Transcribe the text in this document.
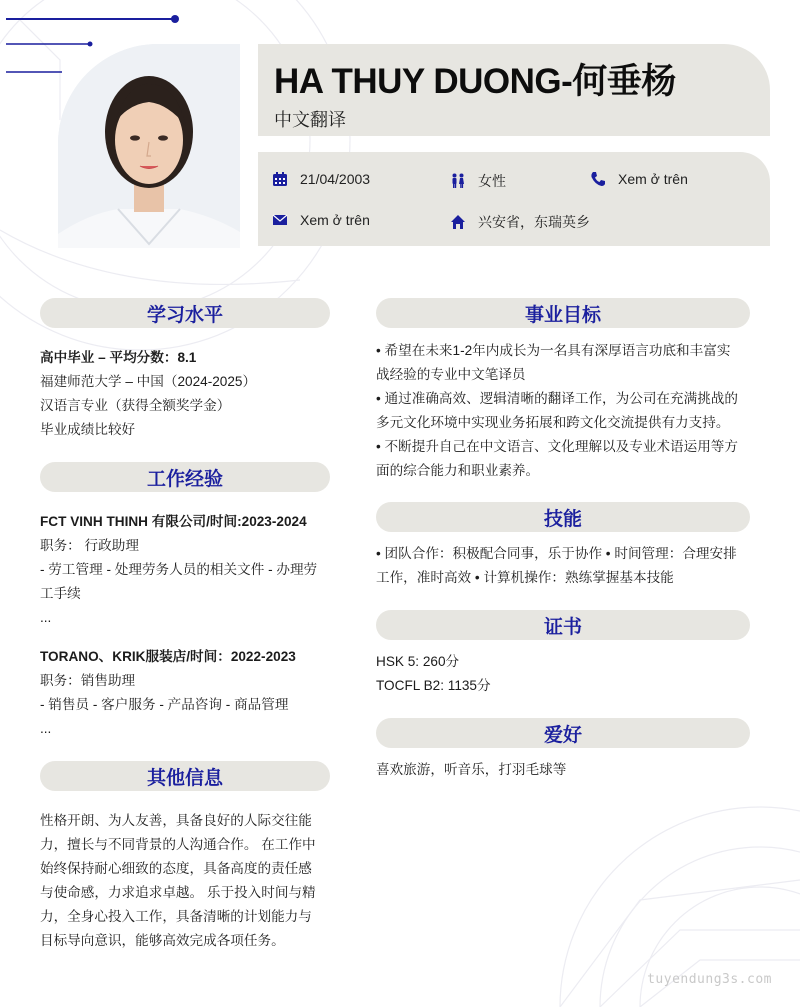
HA THUY DUONG-何垂杨
中文翻译
21/04/2003	女性	Xem ở trên
Xem ở trên	兴安省，东瑞英乡
学习水平
高中毕业 – 平均分数：8.1
福建师范大学 – 中国（2024-2025）
汉语言专业（获得全额奖学金）
毕业成绩比较好
工作经验
FCT VINH THINH 有限公司/时间:2023-2024
职务： 行政助理
- 劳工管理 - 处理劳务人员的相关文件 - 办理劳
工手续
...
TORANO、KRIK服装店/时间：2022-2023
职务：销售助理
- 销售员 - 客户服务 - 产品咨询 - 商品管理
...
其他信息
性格开朗、为人友善，具备良好的人际交往能
力，擅长与不同背景的人沟通合作。 在工作中
始终保持耐心细致的态度，具备高度的责任感
与使命感，力求追求卓越。 乐于投入时间与精
力，全身心投入工作，具备清晰的计划能力与
目标导向意识，能够高效完成各项任务。
事业目标
• 希望在未来1-2年内成长为一名具有深厚语言功底和丰富实
战经验的专业中文笔译员
• 通过准确高效、逻辑清晰的翻译工作，为公司在充满挑战的
多元文化环境中实现业务拓展和跨文化交流提供有力支持。
• 不断提升自己在中文语言、文化理解以及专业术语运用等方
面的综合能力和职业素养。
技能
• 团队合作：积极配合同事，乐于协作 • 时间管理：合理安排
工作，准时高效 • 计算机操作：熟练掌握基本技能
证书
HSK 5: 260分
TOCFL B2: 1135分
爱好
喜欢旅游，听音乐，打羽毛球等
tuyendung3s.com
